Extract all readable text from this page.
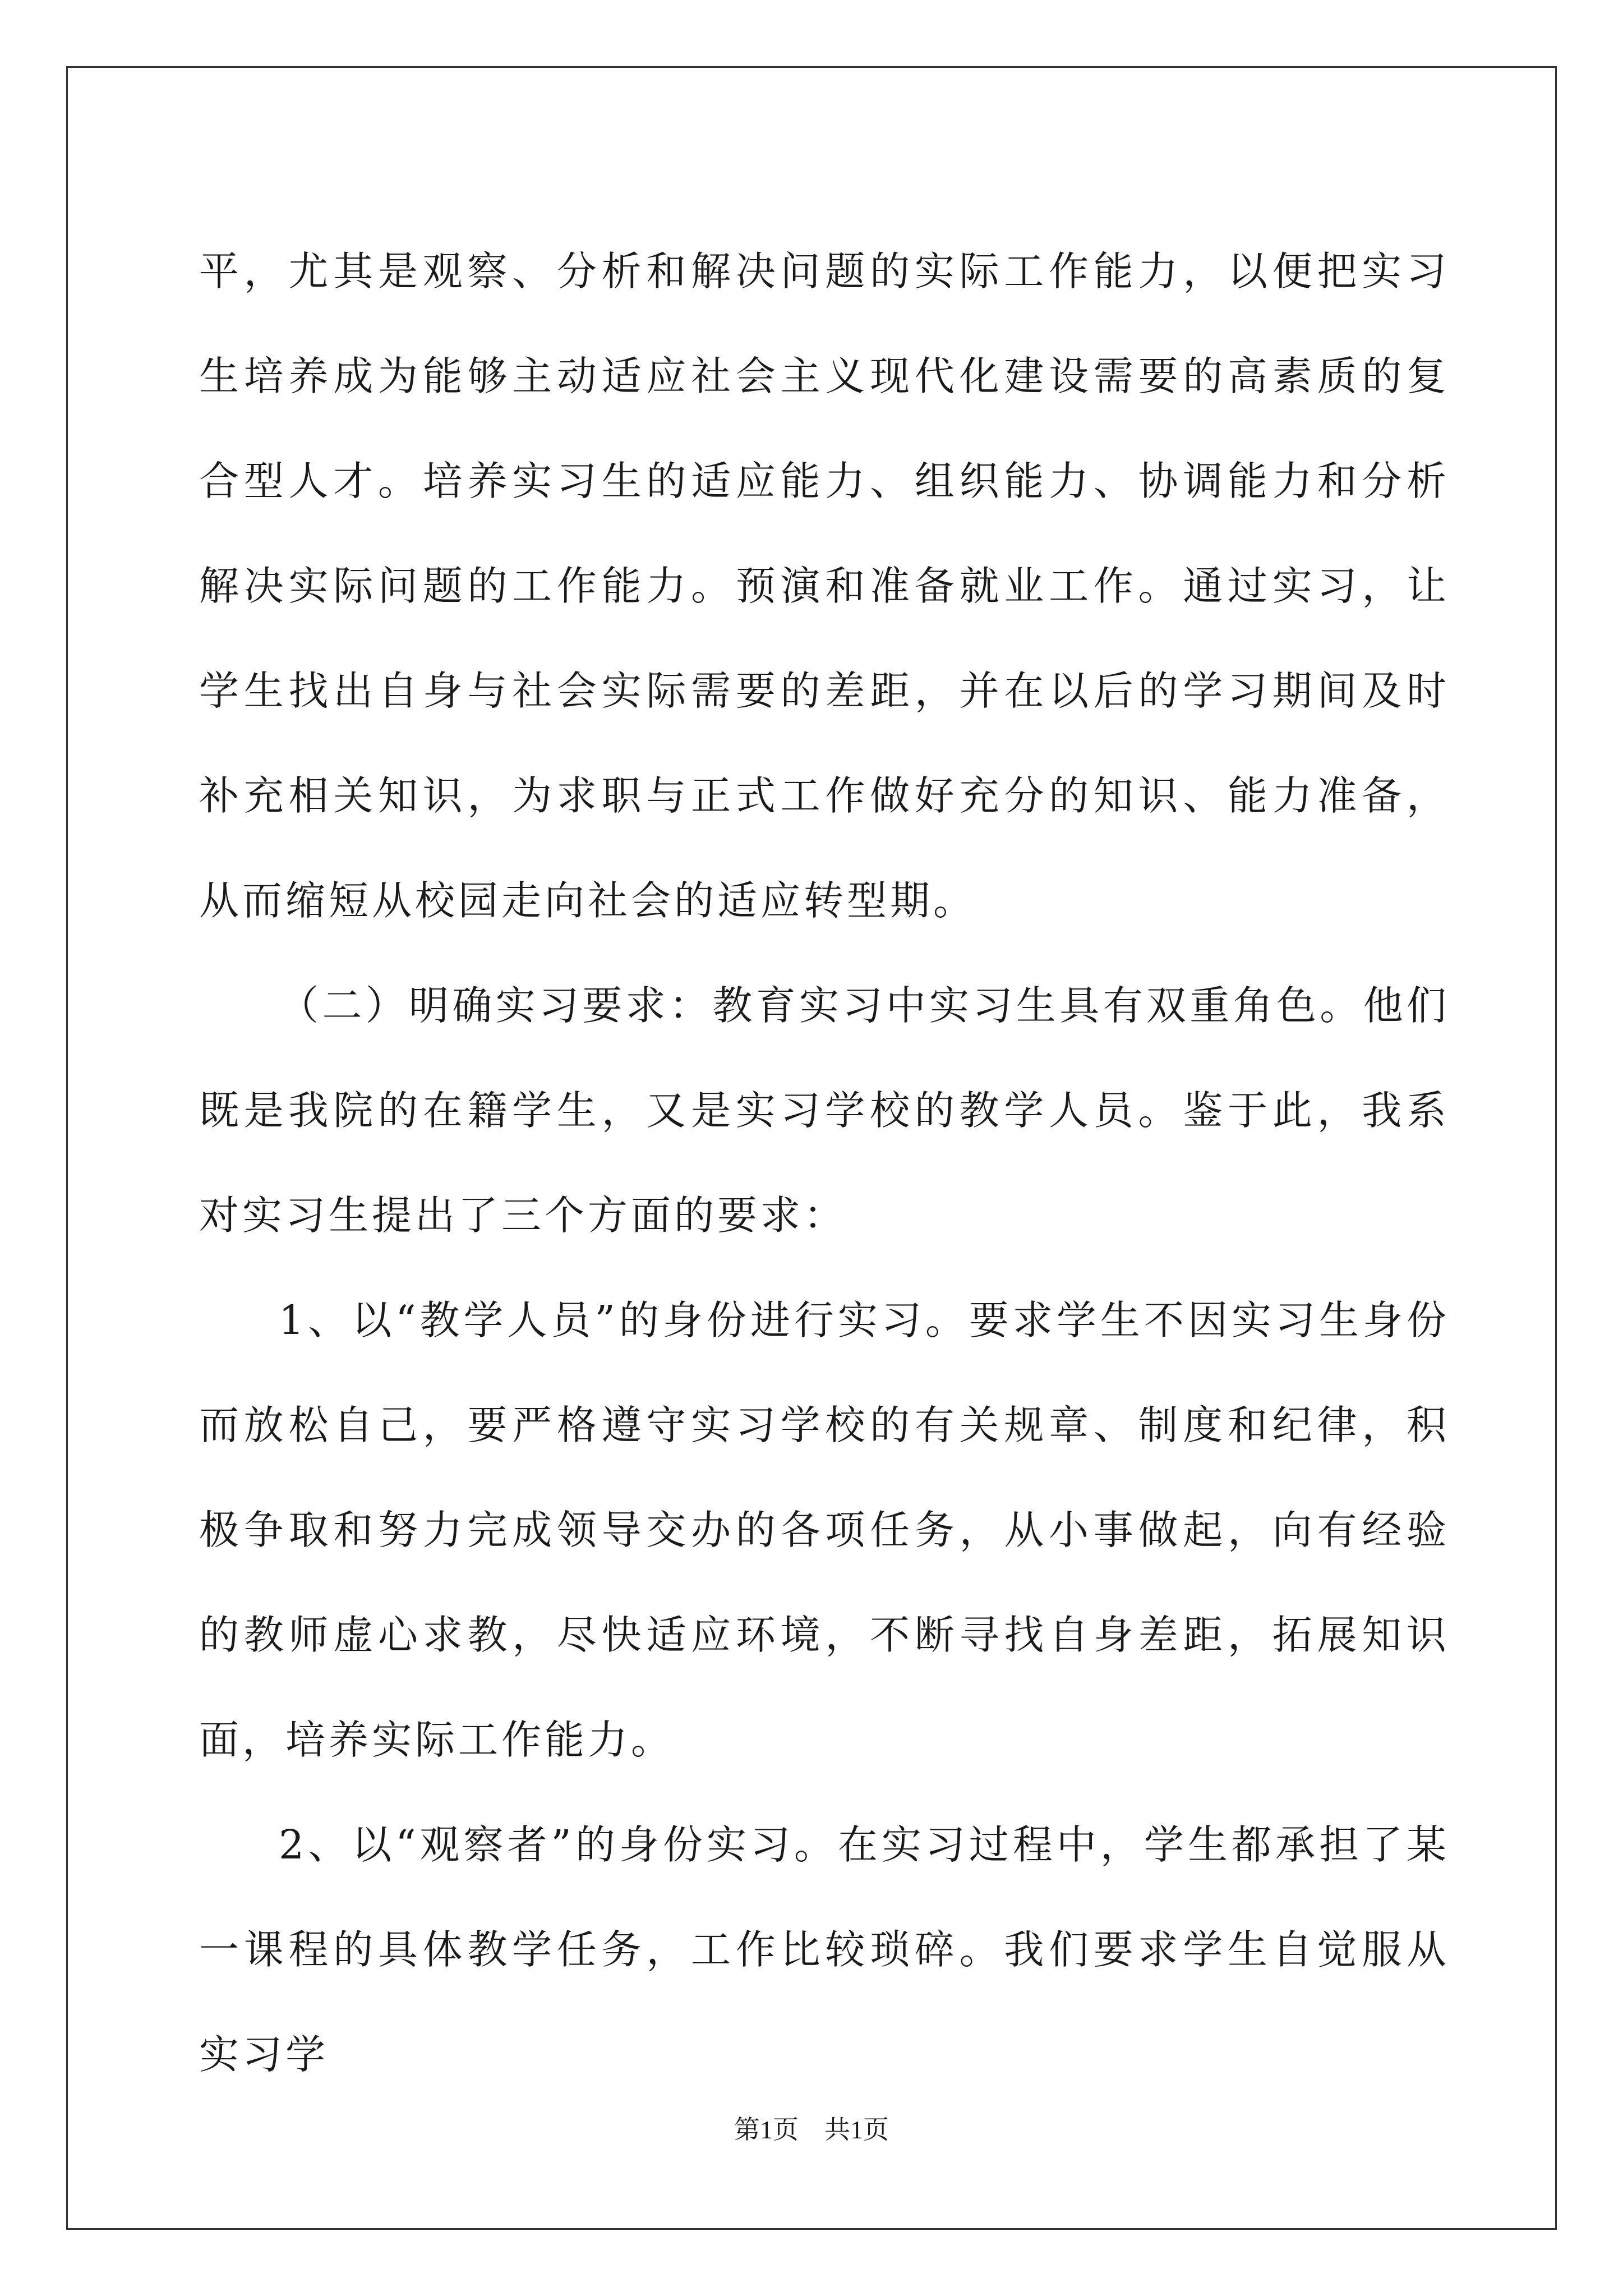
平，尤其是观察、分析和解决问题的实际工作能力，以便把实习生培养成为能够主动适应社会主义现代化建设需要的高素质的复合型人才。培养实习生的适应能力、组织能力、协调能力和分析解决实际问题的工作能力。预演和准备就业工作。通过实习，让学生找出自身与社会实际需要的差距，并在以后的学习期间及时补充相关知识，为求职与正式工作做好充分的知识、能力准备，从而缩短从校园走向社会的适应转型期。

（二）明确实习要求：教育实习中实习生具有双重角色。他们既是我院的在籍学生，又是实习学校的教学人员。鉴于此，我系对实习生提出了三个方面的要求：

1、以“教学人员”的身份进行实习。要求学生不因实习生身份而放松自己，要严格遵守实习学校的有关规章、制度和纪律，积极争取和努力完成领导交办的各项任务，从小事做起，向有经验的教师虚心求教，尽快适应环境，不断寻找自身差距，拓展知识面，培养实际工作能力。

2、以“观察者”的身份实习。在实习过程中，学生都承担了某一课程的具体教学任务，工作比较琐碎。我们要求学生自觉服从实习学

第1页 共1页
